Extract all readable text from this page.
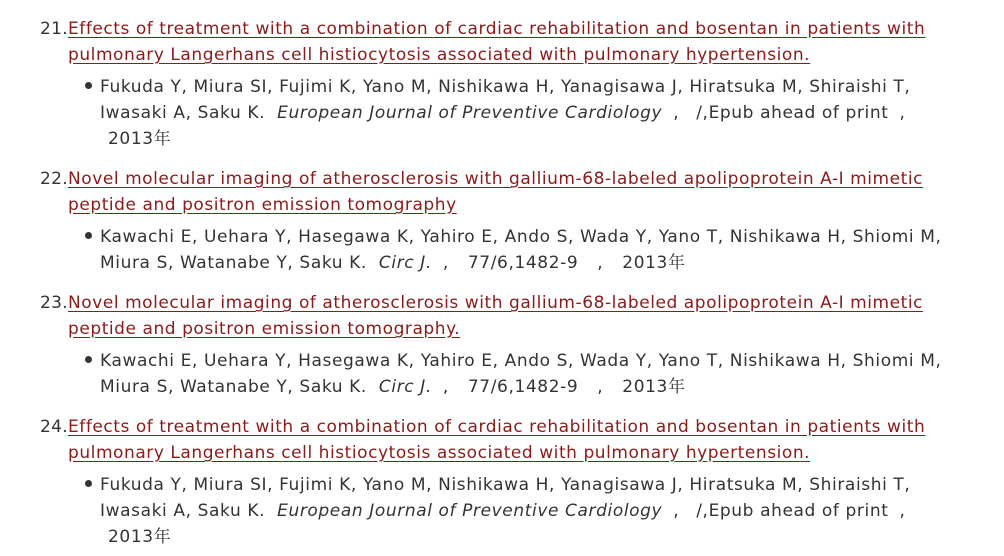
21. Effects of treatment with a combination of cardiac rehabilitation and bosentan in patients with
pulmonary Langerhans cell histiocytosis associated with pulmonary hypertension.
Fukuda Y, Miura SI, Fujimi K, Yano M, Nishikawa H, Yanagisawa J, Hiratsuka M, Shiraishi T,
Iwasaki A, Saku K. European Journal of Preventive Cardiology , /,Epub ahead of print ,
2013年
22. Novel molecular imaging of atherosclerosis with gallium-68-labeled apolipoprotein A-I mimetic
peptide and positron emission tomography
Kawachi E, Uehara Y, Hasegawa K, Yahiro E, Ando S, Wada Y, Yano T, Nishikawa H, Shiomi M,
Miura S, Watanabe Y, Saku K. Circ J. , 77/6,1482-9 , 2013年
23. Novel molecular imaging of atherosclerosis with gallium-68-labeled apolipoprotein A-I mimetic
peptide and positron emission tomography.
Kawachi E, Uehara Y, Hasegawa K, Yahiro E, Ando S, Wada Y, Yano T, Nishikawa H, Shiomi M,
Miura S, Watanabe Y, Saku K. Circ J. , 77/6,1482-9 , 2013年
24. Effects of treatment with a combination of cardiac rehabilitation and bosentan in patients with
pulmonary Langerhans cell histiocytosis associated with pulmonary hypertension.
Fukuda Y, Miura SI, Fujimi K, Yano M, Nishikawa H, Yanagisawa J, Hiratsuka M, Shiraishi T,
Iwasaki A, Saku K. European Journal of Preventive Cardiology , /,Epub ahead of print ,
2013年
